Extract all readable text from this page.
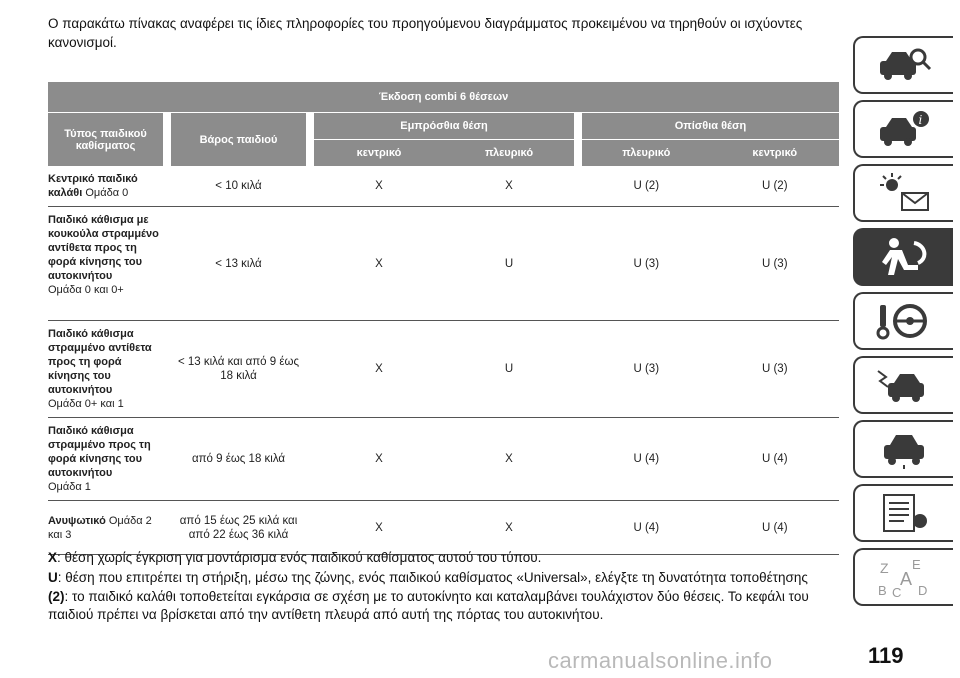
Ο παρακάτω πίνακας αναφέρει τις ίδιες πληροφορίες του προηγούμενου διαγράμματος προκειμένου να τηρηθούν οι ισχύοντες κανονισμοί.
Έκδοση combi 6 θέσεων							
Τύπος παιδικού καθίσματος		Βάρος παιδιού		Εμπρόσθια θέση			Οπίσθια θέση
				κεντρικό	πλευρικό		πλευρικό κεντρικό
Κεντρικό παιδικό καλάθι Ομάδα 0		< 10 κιλά		X	X		U (2) U (2)
Παιδικό κάθισμα με κουκούλα στραμμένο αντίθετα προς τη φορά κίνησης του αυτοκινήτου
Ομάδα 0 και 0+		< 13 κιλά		X	U		U (3) U (3)
Παιδικό κάθισμα στραμμένο αντίθετα προς τη φορά κίνησης του αυτοκινήτου
Ομάδα 0+ και 1		< 13 κιλά και από 9 έως 18 κιλά		X	U		U (3) U (3)
Παιδικό κάθισμα στραμμένο προς τη φορά κίνησης του αυτοκινήτου
Ομάδα 1		από 9 έως 18 κιλά		X	X		U (4) U (4)
Ανυψωτικό Ομάδα 2 και 3		από 15 έως 25 κιλά και από 22 έως 36 κιλά		X	X		U (4) U (4)

X: θέση χωρίς έγκριση για μοντάρισμα ενός παιδικού καθίσματος αυτού του τύπου.

U: θέση που επιτρέπει τη στήριξη, μέσω της ζώνης, ενός παιδικού καθίσματος «Universal», ελέγξτε τη δυνατότητα τοποθέτησης

(2): το παιδικό καλάθι τοποθετείται εγκάρσια σε σχέση με το αυτοκίνητο και καταλαμβάνει τουλάχιστον δύο θέσεις. Το κεφάλι του παιδιού πρέπει να βρίσκεται από την αντίθετη πλευρά από αυτή της πόρτας του αυτοκινήτου.

i
Z E
A
B C D
carmanualsonline.info	119
